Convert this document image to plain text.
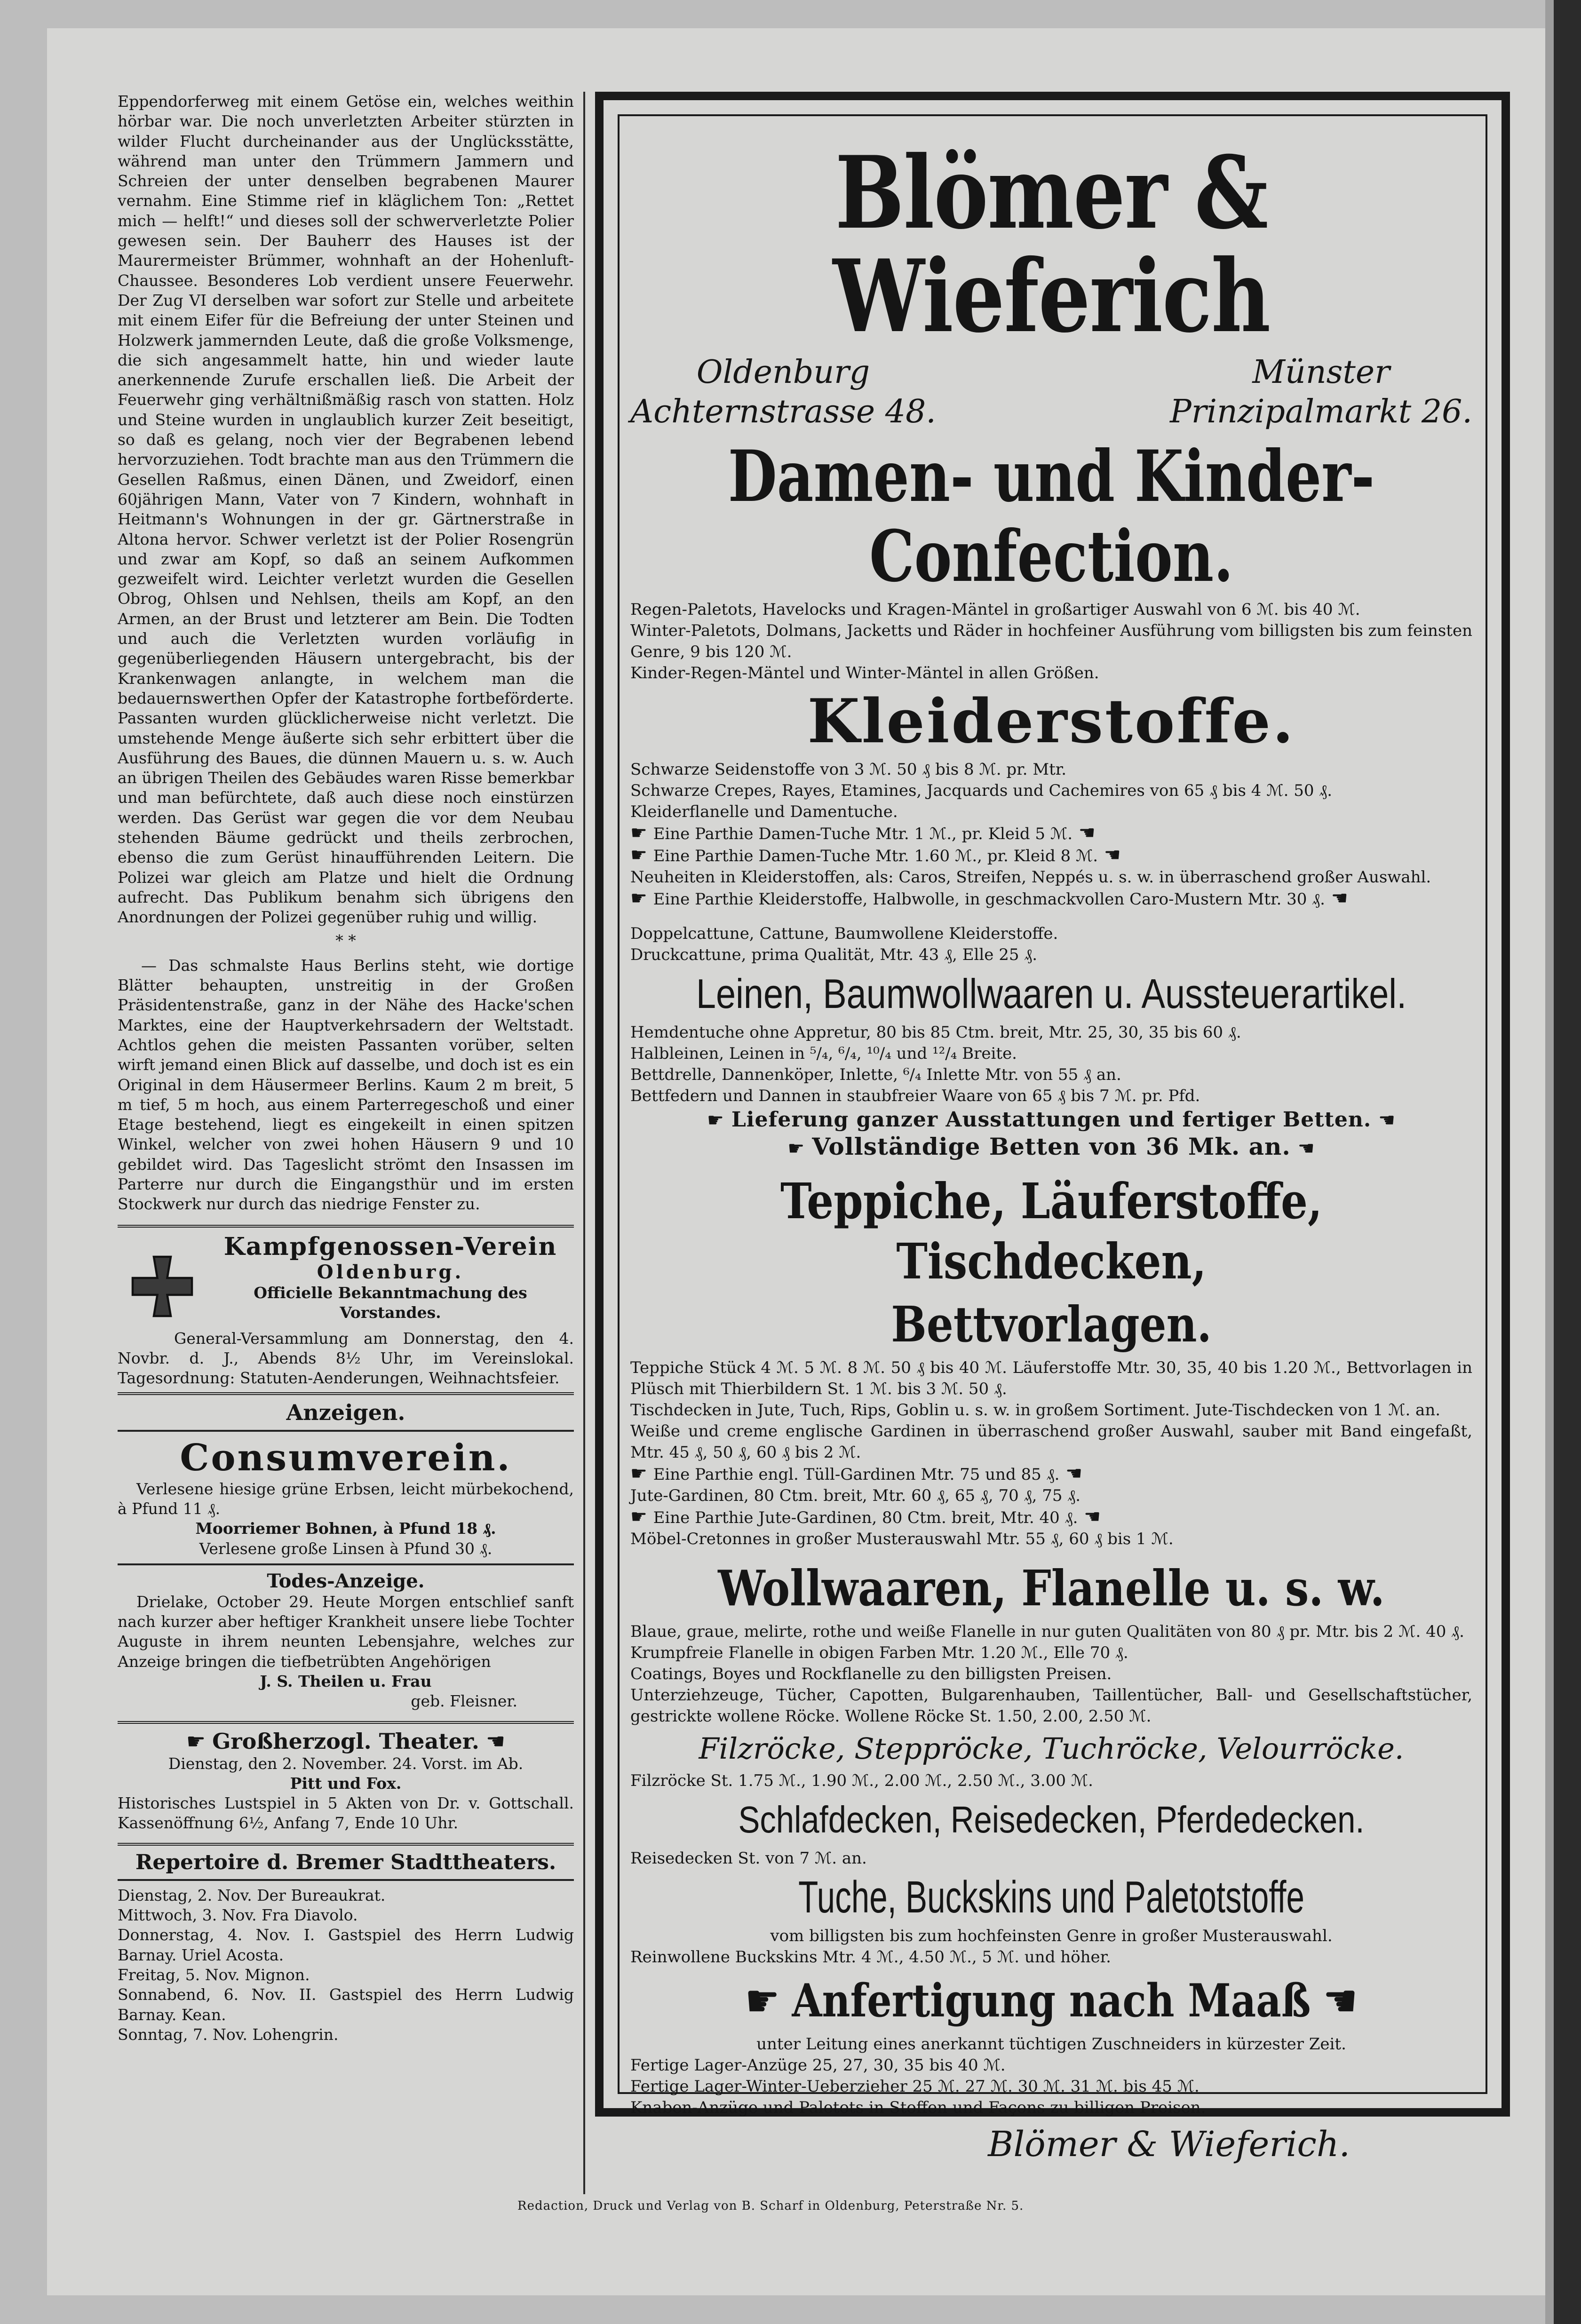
Eppendorferweg mit einem Getöse ein, welches weithin hörbar war. Die noch unverletzten Arbeiter stürzten in wilder Flucht durcheinander aus der Unglücksstätte, während man unter den Trümmern Jammern und Schreien der unter denselben begrabenen Maurer vernahm. Eine Stimme rief in kläglichem Ton: „Rettet mich — helft!“ und dieses soll der schwerverletzte Polier gewesen sein. Der Bauherr des Hauses ist der Maurermeister Brümmer, wohnhaft an der Hohenluft-Chaussee. Besonderes Lob verdient unsere Feuerwehr. Der Zug VI derselben war sofort zur Stelle und arbeitete mit einem Eifer für die Befreiung der unter Steinen und Holzwerk jammernden Leute, daß die große Volksmenge, die sich angesammelt hatte, hin und wieder laute anerkennende Zurufe erschallen ließ. Die Arbeit der Feuerwehr ging verhältnißmäßig rasch von statten. Holz und Steine wurden in unglaublich kurzer Zeit beseitigt, so daß es gelang, noch vier der Begrabenen lebend hervorzuziehen. Todt brachte man aus den Trümmern die Gesellen Raßmus, einen Dänen, und Zweidorf, einen 60jährigen Mann, Vater von 7 Kindern, wohnhaft in Heitmann's Wohnungen in der gr. Gärtnerstraße in Altona hervor. Schwer verletzt ist der Polier Rosengrün und zwar am Kopf, so daß an seinem Aufkommen gezweifelt wird. Leichter verletzt wurden die Gesellen Obrog, Ohlsen und Nehlsen, theils am Kopf, an den Armen, an der Brust und letzterer am Bein. Die Todten und auch die Verletzten wurden vorläufig in gegenüberliegenden Häusern untergebracht, bis der Krankenwagen anlangte, in welchem man die bedauernswerthen Opfer der Katastrophe fortbeförderte. Passanten wurden glücklicherweise nicht verletzt. Die umstehende Menge äußerte sich sehr erbittert über die Ausführung des Baues, die dünnen Mauern u. s. w. Auch an übrigen Theilen des Gebäudes waren Risse bemerkbar und man befürchtete, daß auch diese noch einstürzen werden. Das Gerüst war gegen die vor dem Neubau stehenden Bäume gedrückt und theils zerbrochen, ebenso die zum Gerüst hinaufführenden Leitern. Die Polizei war gleich am Platze und hielt die Ordnung aufrecht. Das Publikum benahm sich übrigens den Anordnungen der Polizei gegenüber ruhig und willig.

* *

— Das schmalste Haus Berlins steht, wie dortige Blätter behaupten, unstreitig in der Großen Präsidentenstraße, ganz in der Nähe des Hacke'schen Marktes, eine der Hauptverkehrsadern der Weltstadt. Achtlos gehen die meisten Passanten vorüber, selten wirft jemand einen Blick auf dasselbe, und doch ist es ein Original in dem Häusermeer Berlins. Kaum 2 m breit, 5 m tief, 5 m hoch, aus einem Parterregeschoß und einer Etage bestehend, liegt es eingekeilt in einen spitzen Winkel, welcher von zwei hohen Häusern 9 und 10 gebildet wird. Das Tageslicht strömt den Insassen im Parterre nur durch die Eingangsthür und im ersten Stockwerk nur durch das niedrige Fenster zu.

Kampfgenossen-Verein
Oldenburg.
Officielle Bekanntmachung des
Vorstandes.

General-Versammlung am Donnerstag, den 4. Novbr. d. J., Abends 8½ Uhr, im Vereinslokal. Tagesordnung: Statuten-Aenderungen, Weihnachtsfeier.

Anzeigen.
Consumverein.

Verlesene hiesige grüne Erbsen, leicht mürbekochend, à Pfund 11 ₰.

Moorriemer Bohnen, à Pfund 18 ₰.

Verlesene große Linsen à Pfund 30 ₰.

Todes-Anzeige.

Drielake, October 29. Heute Morgen entschlief sanft nach kurzer aber heftiger Krankheit unsere liebe Tochter Auguste in ihrem neunten Lebensjahre, welches zur Anzeige bringen die tiefbetrübten Angehörigen

J. S. Theilen u. Frau

geb. Fleisner.

☛ Großherzogl. Theater. ☚

Dienstag, den 2. November. 24. Vorst. im Ab.

Pitt und Fox.

Historisches Lustspiel in 5 Akten von Dr. v. Gottschall. Kassenöffnung 6½, Anfang 7, Ende 10 Uhr.

Repertoire d. Bremer Stadttheaters.

Dienstag, 2. Nov. Der Bureaukrat.

Mittwoch, 3. Nov. Fra Diavolo.

Donnerstag, 4. Nov. I. Gastspiel des Herrn Ludwig Barnay. Uriel Acosta.

Freitag, 5. Nov. Mignon.

Sonnabend, 6. Nov. II. Gastspiel des Herrn Ludwig Barnay. Kean.

Sonntag, 7. Nov. Lohengrin.

Blömer & Wieferich
Oldenburg
Achternstrasse 48.
Münster
Prinzipalmarkt 26.
Damen- und Kinder-Confection.

Regen-Paletots, Havelocks und Kragen-Mäntel in großartiger Auswahl von 6 ℳ. bis 40 ℳ.

Winter-Paletots, Dolmans, Jacketts und Räder in hochfeiner Ausführung vom billigsten bis zum feinsten Genre, 9 bis 120 ℳ.

Kinder-Regen-Mäntel und Winter-Mäntel in allen Größen.

Kleiderstoffe.

Schwarze Seidenstoffe von 3 ℳ. 50 ₰ bis 8 ℳ. pr. Mtr.

Schwarze Crepes, Rayes, Etamines, Jacquards und Cachemires von 65 ₰ bis 4 ℳ. 50 ₰.

Kleiderflanelle und Damentuche.

☛ Eine Parthie Damen-Tuche Mtr. 1 ℳ., pr. Kleid 5 ℳ. ☚

☛ Eine Parthie Damen-Tuche Mtr. 1.60 ℳ., pr. Kleid 8 ℳ. ☚

Neuheiten in Kleiderstoffen, als: Caros, Streifen, Neppés u. s. w. in überraschend großer Auswahl.

☛ Eine Parthie Kleiderstoffe, Halbwolle, in geschmackvollen Caro-Mustern Mtr. 30 ₰. ☚

Doppelcattune, Cattune, Baumwollene Kleiderstoffe.

Druckcattune, prima Qualität, Mtr. 43 ₰, Elle 25 ₰.

Leinen, Baumwollwaaren u. Aussteuerartikel.

Hemdentuche ohne Appretur, 80 bis 85 Ctm. breit, Mtr. 25, 30, 35 bis 60 ₰.

Halbleinen, Leinen in ⁵/₄, ⁶/₄, ¹⁰/₄ und ¹²/₄ Breite.

Bettdrelle, Dannenköper, Inlette, ⁶/₄ Inlette Mtr. von 55 ₰ an.

Bettfedern und Dannen in staubfreier Waare von 65 ₰ bis 7 ℳ. pr. Pfd.

☛ Lieferung ganzer Ausstattungen und fertiger Betten. ☚
☛ Vollständige Betten von 36 Mk. an. ☚
Teppiche, Läuferstoffe, Tischdecken,
Bettvorlagen.

Teppiche Stück 4 ℳ. 5 ℳ. 8 ℳ. 50 ₰ bis 40 ℳ. Läuferstoffe Mtr. 30, 35, 40 bis 1.20 ℳ., Bettvorlagen in Plüsch mit Thierbildern St. 1 ℳ. bis 3 ℳ. 50 ₰.

Tischdecken in Jute, Tuch, Rips, Goblin u. s. w. in großem Sortiment. Jute-Tischdecken von 1 ℳ. an.

Weiße und creme englische Gardinen in überraschend großer Auswahl, sauber mit Band eingefaßt, Mtr. 45 ₰, 50 ₰, 60 ₰ bis 2 ℳ.

☛ Eine Parthie engl. Tüll-Gardinen Mtr. 75 und 85 ₰. ☚

Jute-Gardinen, 80 Ctm. breit, Mtr. 60 ₰, 65 ₰, 70 ₰, 75 ₰.

☛ Eine Parthie Jute-Gardinen, 80 Ctm. breit, Mtr. 40 ₰. ☚

Möbel-Cretonnes in großer Musterauswahl Mtr. 55 ₰, 60 ₰ bis 1 ℳ.

Wollwaaren, Flanelle u. s. w.

Blaue, graue, melirte, rothe und weiße Flanelle in nur guten Qualitäten von 80 ₰ pr. Mtr. bis 2 ℳ. 40 ₰.

Krumpfreie Flanelle in obigen Farben Mtr. 1.20 ℳ., Elle 70 ₰.

Coatings, Boyes und Rockflanelle zu den billigsten Preisen.

Unterziehzeuge, Tücher, Capotten, Bulgarenhauben, Taillentücher, Ball- und Gesellschaftstücher, gestrickte wollene Röcke. Wollene Röcke St. 1.50, 2.00, 2.50 ℳ.

Filzröcke, Steppröcke, Tuchröcke, Velourröcke.

Filzröcke St. 1.75 ℳ., 1.90 ℳ., 2.00 ℳ., 2.50 ℳ., 3.00 ℳ.

Schlafdecken, Reisedecken, Pferdedecken.

Reisedecken St. von 7 ℳ. an.

Tuche, Buckskins und Paletotstoffe

vom billigsten bis zum hochfeinsten Genre in großer Musterauswahl.

Reinwollene Buckskins Mtr. 4 ℳ., 4.50 ℳ., 5 ℳ. und höher.

☛ Anfertigung nach Maaß ☚

unter Leitung eines anerkannt tüchtigen Zuschneiders in kürzester Zeit.

Fertige Lager-Anzüge 25, 27, 30, 35 bis 40 ℳ.

Fertige Lager-Winter-Ueberzieher 25 ℳ. 27 ℳ. 30 ℳ. 31 ℳ. bis 45 ℳ.

Knaben-Anzüge und Paletots in Stoffen und Façons zu billigen Preisen.

Blömer & Wieferich.
Redaction, Druck und Verlag von B. Scharf in Oldenburg, Peterstraße Nr. 5.
